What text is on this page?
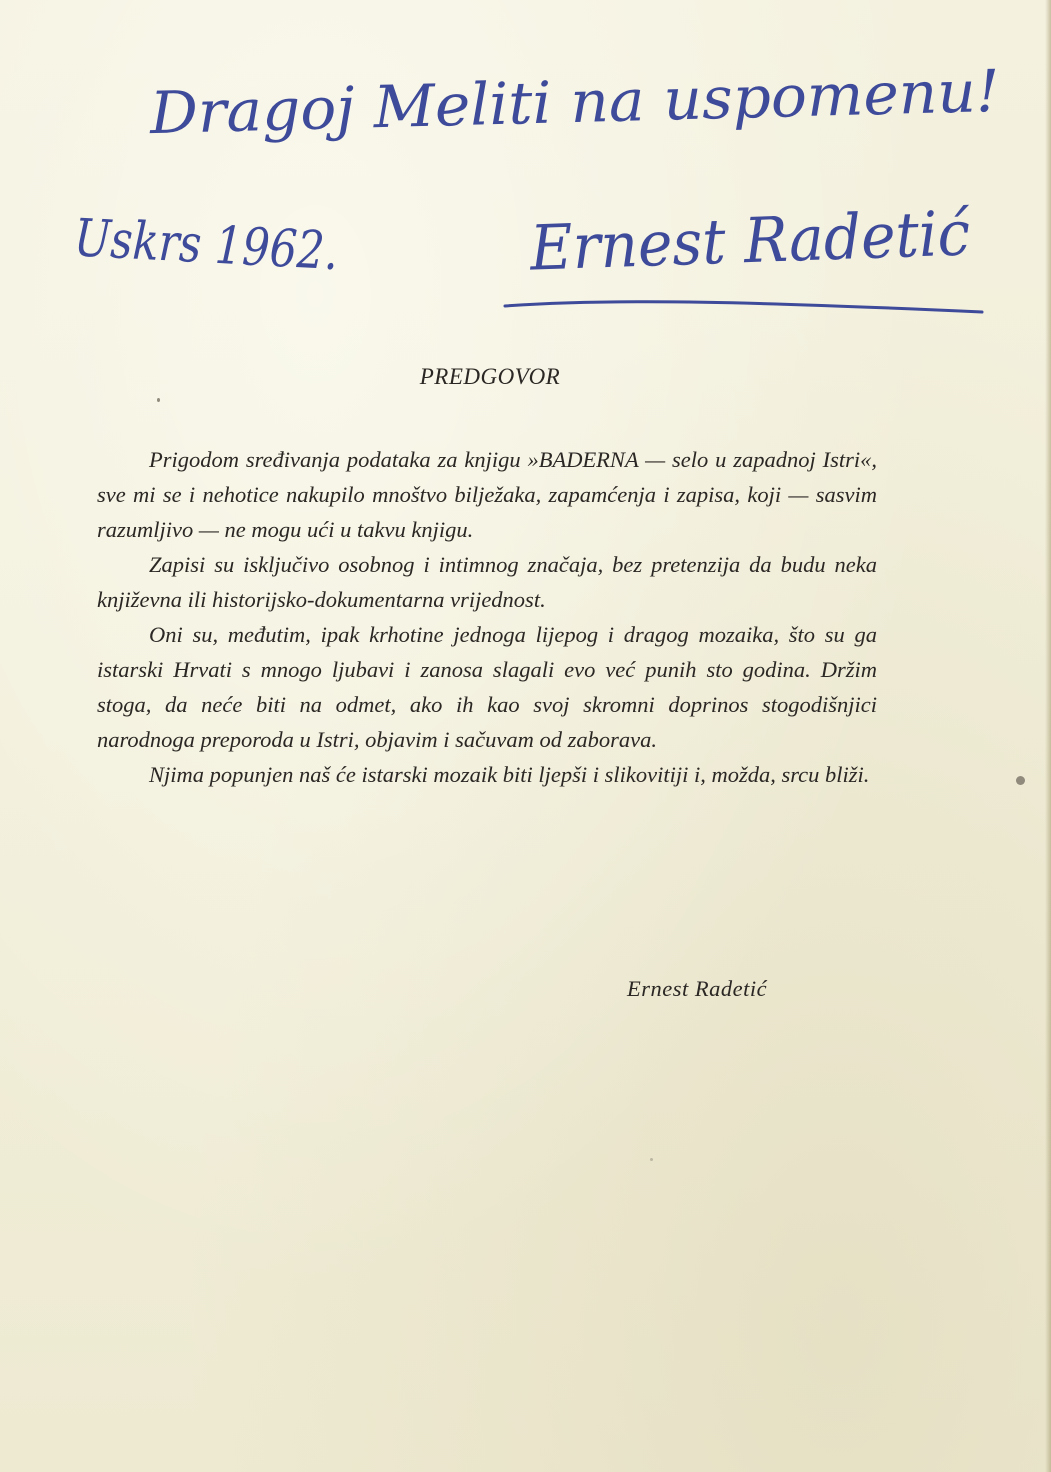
Dragoj Meliti na uspomenu!
Uskrs 1962. Ernest Radetić
PREDGOVOR

Prigodom sređivanja podataka za knjigu »BADERNA — selo u zapadnoj Istri«, sve mi se i nehotice nakupilo mnoštvo bilježaka, zapamćenja i zapisa, koji — sasvim razumljivo — ne mogu ući u takvu knjigu.

Zapisi su isključivo osobnog i intimnog značaja, bez pretenzija da budu neka književna ili historijsko-dokumentarna vrijednost.

Oni su, međutim, ipak krhotine jednoga lijepog i dragog mozaika, što su ga istarski Hrvati s mnogo ljubavi i zanosa slagali evo već punih sto godina. Držim stoga, da neće biti na odmet, ako ih kao svoj skromni doprinos stogodišnjici narodnoga preporoda u Istri, objavim i sačuvam od zaborava.

Njima popunjen naš će istarski mozaik biti ljepši i slikovitiji i, možda, srcu bliži.

Ernest Radetić
